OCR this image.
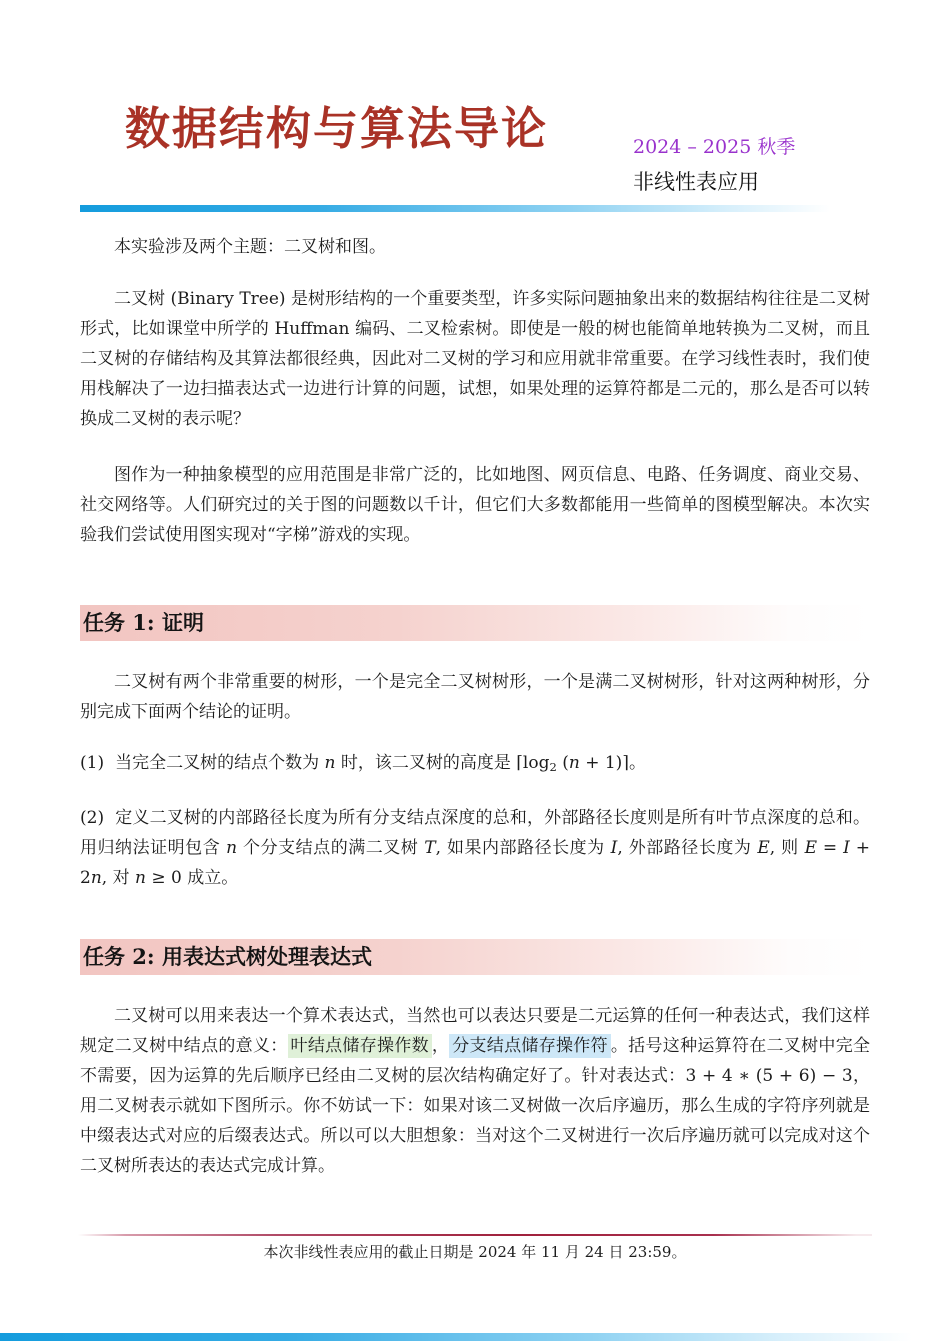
数据结构与算法导论	2024 – 2025 秋季
非线性表应用

本实验涉及两个主题：二叉树和图。

二叉树 (Binary Tree) 是树形结构的一个重要类型，许多实际问题抽象出来的数据结构往往是二叉树形式，比如课堂中所学的 Huffman 编码、二叉检索树。即使是一般的树也能简单地转换为二叉树，而且二叉树的存储结构及其算法都很经典，因此对二叉树的学习和应用就非常重要。在学习线性表时，我们使用栈解决了一边扫描表达式一边进行计算的问题，试想，如果处理的运算符都是二元的，那么是否可以转换成二叉树的表示呢？

图作为一种抽象模型的应用范围是非常广泛的，比如地图、网页信息、电路、任务调度、商业交易、社交网络等。人们研究过的关于图的问题数以千计，但它们大多数都能用一些简单的图模型解决。本次实验我们尝试使用图实现对“字梯”游戏的实现。

任务 1: 证明

二叉树有两个非常重要的树形，一个是完全二叉树树形，一个是满二叉树树形，针对这两种树形，分别完成下面两个结论的证明。

(1) 当完全二叉树的结点个数为 n 时，该二叉树的高度是 ⌈log2 (n + 1)⌉。

(2) 定义二叉树的内部路径长度为所有分支结点深度的总和，外部路径长度则是所有叶节点深度的总和。用归纳法证明包含 n 个分支结点的满二叉树 T, 如果内部路径长度为 I, 外部路径长度为 E, 则 E = I + 2n, 对 n ≥ 0 成立。

任务 2: 用表达式树处理表达式

二叉树可以用来表达一个算术表达式，当然也可以表达只要是二元运算的任何一种表达式，我们这样规定二叉树中结点的意义： 叶结点储存操作数 ， 分支结点储存操作符 。括号这种运算符在二叉树中完全不需要，因为运算的先后顺序已经由二叉树的层次结构确定好了。针对表达式：3 + 4 ∗ (5 + 6) − 3，用二叉树表示就如下图所示。你不妨试一下：如果对该二叉树做一次后序遍历，那么生成的字符序列就是中缀表达式对应的后缀表达式。所以可以大胆想象：当对这个二叉树进行一次后序遍历就可以完成对这个二叉树所表达的表达式完成计算。

本次非线性表应用的截止日期是 2024 年 11 月 24 日 23:59。
